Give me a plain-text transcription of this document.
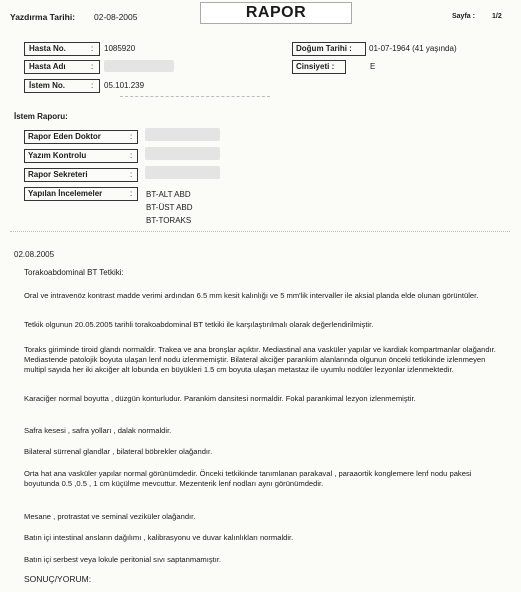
Yazdırma Tarihi: 02-08-2005	RAPOR	Sayfa : 1/2
Hasta No.	: 1085920
Hasta Adı	:
İstem No.	: 05.101.239
Doğum Tarihi : 01-07-1964 (41 yaşında)
Cinsiyeti :	E
İstem Raporu:
Rapor Eden Doktor	:
Yazım Kontrolu	:
Rapor Sekreteri	:
Yapılan İncelemeler	: BT-ALT ABD
BT-ÜST ABD
BT-TORAKS
02.08.2005
Torakoabdominal BT Tetkiki:
Oral ve intravenöz kontrast madde verimi ardından 6.5 mm kesit kalınlığı ve 5 mm'lik intervaller ile aksial planda elde olunan görüntüler.
Tetkik olgunun 20.05.2005 tarihli torakoabdominal BT tetkiki ile karşılaştırılmalı olarak değerlendirilmiştir.
Toraks giriminde tiroid glandı normaldir. Trakea ve ana bronşlar açıktır. Mediastinal ana vasküler yapılar ve kardiak kompartmanlar olağandır. Mediastende patolojik boyuta ulaşan lenf nodu izlenmemiştir. Bilateral akciğer parankim alanlarında olgunun önceki tetkikinde izlenmeyen multipl sayıda her iki akciğer alt lobunda en büyükleri 1.5 cm boyuta ulaşan metastaz ile uyumlu nodüler lezyonlar izlenmektedir.
Karaciğer normal boyutta , düzgün konturludur. Parankim dansitesi normaldir. Fokal parankimal lezyon izlenmemiştir.
Safra kesesi , safra yolları , dalak normaldir.
Bilateral sürrenal glandlar , bilateral böbrekler olağandır.
Orta hat ana vasküler yapılar normal görünümdedir. Önceki tetkikinde tanımlanan parakaval , paraaortik konglemere lenf nodu pakesi boyutunda 0.5 ,0.5 , 1 cm küçülme mevcuttur. Mezenterik lenf nodları aynı görünümdedir.
Mesane , protrastat ve seminal veziküler olağandır.
Batın içi intestinal ansların dağılımı , kalibrasyonu ve duvar kalınlıkları normaldir.
Batın içi serbest veya lokule peritonial sıvı saptanmamıştır.
SONUÇ/YORUM:
